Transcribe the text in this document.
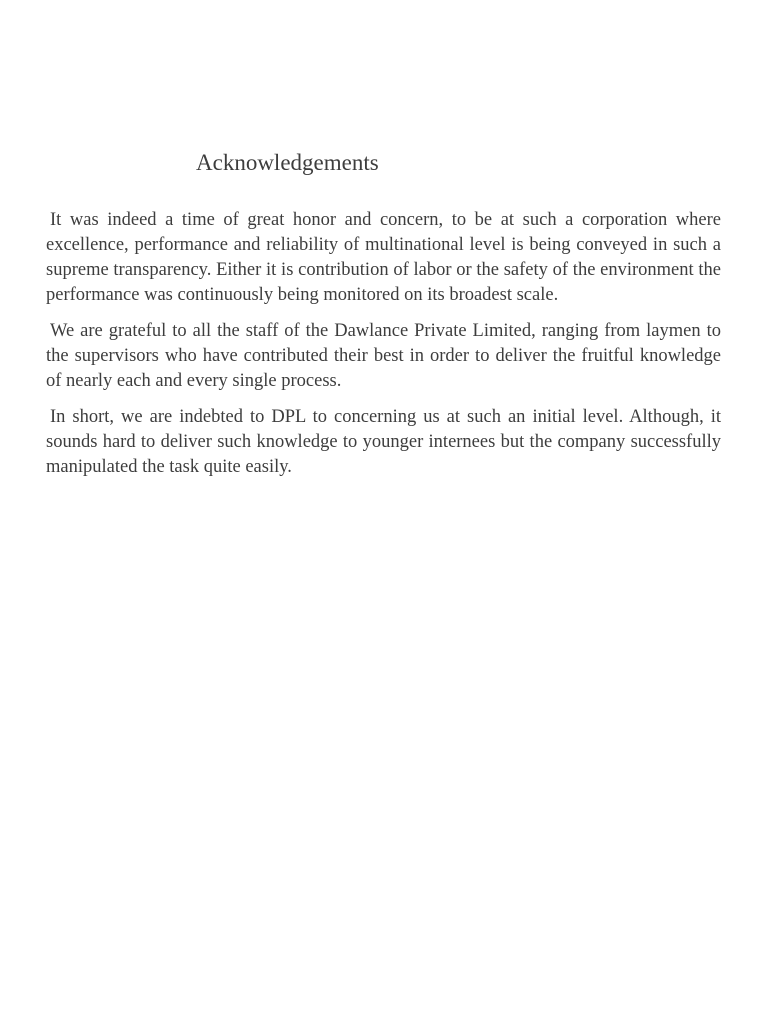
Acknowledgements

It was indeed a time of great honor and concern, to be at such a corporation where excellence, performance and reliability of multinational level is being conveyed in such a supreme transparency. Either it is contribution of labor or the safety of the environment the performance was continuously being monitored on its broadest scale.

We are grateful to all the staff of the Dawlance Private Limited, ranging from laymen to the supervisors who have contributed their best in order to deliver the fruitful knowledge of nearly each and every single process.

In short, we are indebted to DPL to concerning us at such an initial level. Although, it sounds hard to deliver such knowledge to younger internees but the company successfully manipulated the task quite easily.
